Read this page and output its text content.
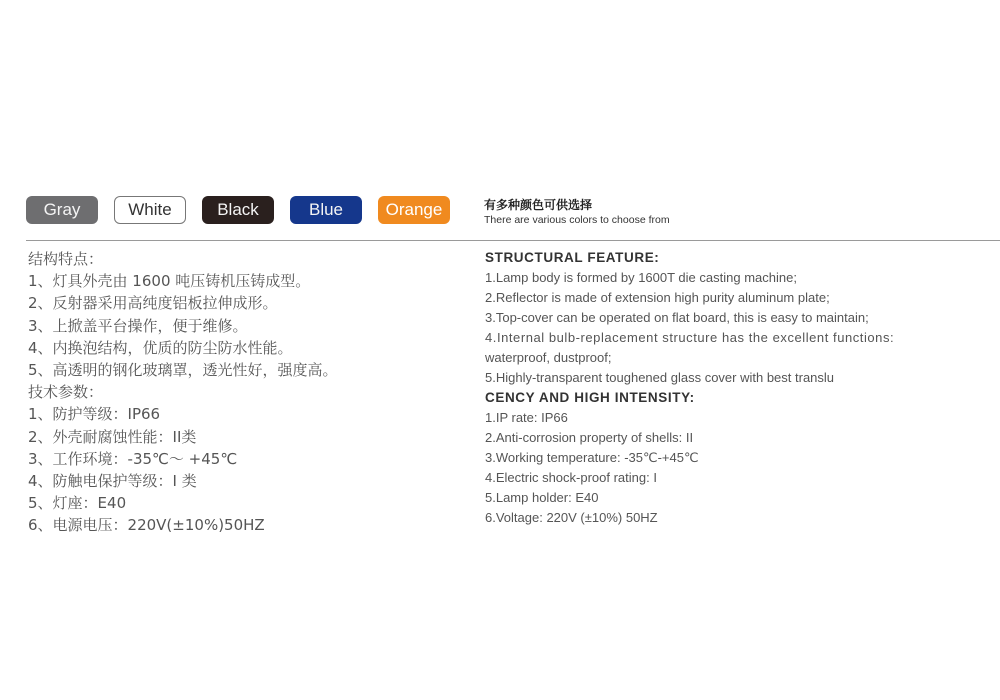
Gray	White	Black	Blue	Orange	有多种颜色可供选择
There are various colors to choose from
结构特点：
1、灯具外壳由 1600 吨压铸机压铸成型。
2、反射器采用高纯度铝板拉伸成形。
3、上掀盖平台操作，便于维修。
4、内换泡结构，优质的防尘防水性能。
5、高透明的钢化玻璃罩，透光性好，强度高。
技术参数：
1、防护等级：IP66
2、外壳耐腐蚀性能：II类
3、工作环境：-35℃～ +45℃
4、防触电保护等级：I 类
5、灯座：E40
6、电源电压：220V(±10%)50HZ
STRUCTURAL FEATURE:
1.Lamp body is formed by 1600T die casting machine;
2.Reflector is made of extension high purity aluminum plate;
3.Top-cover can be operated on flat board, this is easy to maintain;
4.Internal bulb-replacement structure has the excellent functions:
waterproof, dustproof;
5.Highly-transparent toughened glass cover with best translu
CENCY AND HIGH INTENSITY:
1.IP rate: IP66
2.Anti-corrosion property of shells: II
3.Working temperature: -35℃-+45℃
4.Electric shock-proof rating: I
5.Lamp holder: E40
6.Voltage: 220V (±10%) 50HZ
